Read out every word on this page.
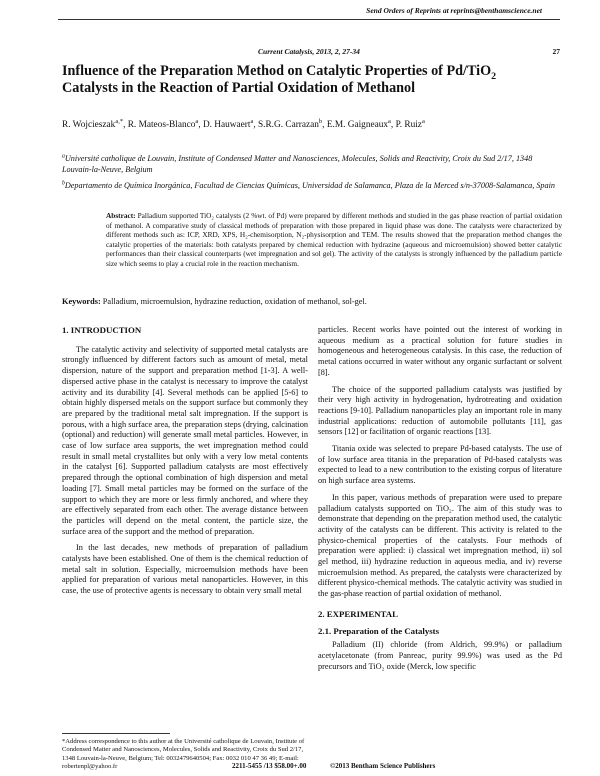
Send Orders of Reprints at reprints@benthamscience.net
Current Catalysis, 2013, 2, 27-34	27
Influence of the Preparation Method on Catalytic Properties of Pd/TiO$_2$
Catalysts in the Reaction of Partial Oxidation of Methanol
R. Wojcieszak$^{a,*}$, R. Mateos-Blanco$^a$, D. Hauwaert$^a$, S.R.G. Carrazan$^b$, E.M. Gaigneaux$^a$, P. Ruiz$^a$
$^a$Université catholique de Louvain, Institute of Condensed Matter and Nanosciences, Molecules, Solids and Reactivity, Croix du Sud 2/17, 1348 Louvain-la-Neuve, Belgium
$^b$Departamento de Química Inorgánica, Facultad de Ciencias Químicas, Universidad de Salamanca, Plaza de la Merced s/n-37008-Salamanca, Spain
Abstract: Palladium supported TiO₂ catalysts (2 %wt. of Pd) were prepared by different methods and studied in the gas phase reaction of partial oxidation of methanol. A comparative study of classical methods of preparation with those prepared in liquid phase was done. The catalysts were characterized by different methods such as: ICP, XRD, XPS, H₂-chemisorption, N₂-physisorption and TEM. The results showed that the preparation method changes the catalytic properties of the materials: both catalysts prepared by chemical reduction with hydrazine (aqueous and microemulsion) showed better catalytic performances than their classical counterparts (wet impregnation and sol gel). The activity of the catalysts is strongly influenced by the palladium particle size which seems to play a crucial role in the reaction mechanism.
Keywords: Palladium, microemulsion, hydrazine reduction, oxidation of methanol, sol-gel.
1. INTRODUCTION

The catalytic activity and selectivity of supported metal catalysts are strongly influenced by different factors such as amount of metal, metal dispersion, nature of the support and preparation method [1-3]. A well-dispersed active phase in the catalyst is necessary to improve the catalyst activity and its durability [4]. Several methods can be applied [5-6] to obtain highly dispersed metals on the support surface but commonly they are prepared by the traditional metal salt impregnation. If the support is porous, with a high surface area, the preparation steps (drying, calcination (optional) and reduction) will generate small metal particles. However, in case of low surface area supports, the wet impregnation method could result in small metal crystallites but only with a very low metal contents in the catalyst [6]. Supported palladium catalysts are most effectively prepared through the optional combination of high dispersion and metal loading [7]. Small metal particles may be formed on the surface of the support to which they are more or less firmly anchored, and where they are effectively separated from each other. The average distance between the particles will depend on the metal content, the particle size, the surface area of the support and the method of preparation.

In the last decades, new methods of preparation of palladium catalysts have been established. One of them is the chemical reduction of metal salt in solution. Especially, microemulsion methods have been applied for preparation of various metal nanoparticles. However, in this case, the use of protective agents is necessary to obtain very small metal

particles. Recent works have pointed out the interest of working in aqueous medium as a practical solution for future studies in homogeneous and heterogeneous catalysis. In this case, the reduction of metal cations occurred in water without any organic surfactant or solvent [8].

The choice of the supported palladium catalysts was justified by their very high activity in hydrogenation, hydrotreating and oxidation reactions [9-10]. Palladium nanoparticles play an important role in many industrial applications: reduction of automobile pollutants [11], gas sensors [12] or facilitation of organic reactions [13].

Titania oxide was selected to prepare Pd-based catalysts. The use of of low surface area titania in the preparation of Pd-based catalysts was expected to lead to a new contribution to the existing corpus of literature on high surface area systems.

In this paper, various methods of preparation were used to prepare palladium catalysts supported on TiO₂. The aim of this study was to demonstrate that depending on the preparation method used, the catalytic activity of the catalysts can be different. This activity is related to the physico-chemical properties of the catalysts. Four methods of preparation were applied: i) classical wet impregnation method, ii) sol gel method, iii) hydrazine reduction in aqueous media, and iv) reverse microemulsion method. As prepared, the catalysts were characterized by different physico-chemical methods. The catalytic activity was studied in the gas-phase reaction of partial oxidation of methanol.

2. EXPERIMENTAL
2.1. Preparation of the Catalysts

Palladium (II) chloride (from Aldrich, 99.9%) or palladium acetylacetonate (from Panreac, purity 99.9%) was used as the Pd precursors and TiO₂ oxide (Merck, low specific

*Address correspondence to this author at the Université catholique de Louvain, Institute of Condensed Matter and Nanosciences, Molecules, Solids and Reactivity, Croix du Sud 2/17, 1348 Louvain-la-Neuve, Belgium; Tel: 0032479640504; Fax: 0032 010 47 36 49; E-mail: robertenpl@yahoo.fr	2211-5455 /13 $58.00+.00	©2013 Bentham Science Publishers
